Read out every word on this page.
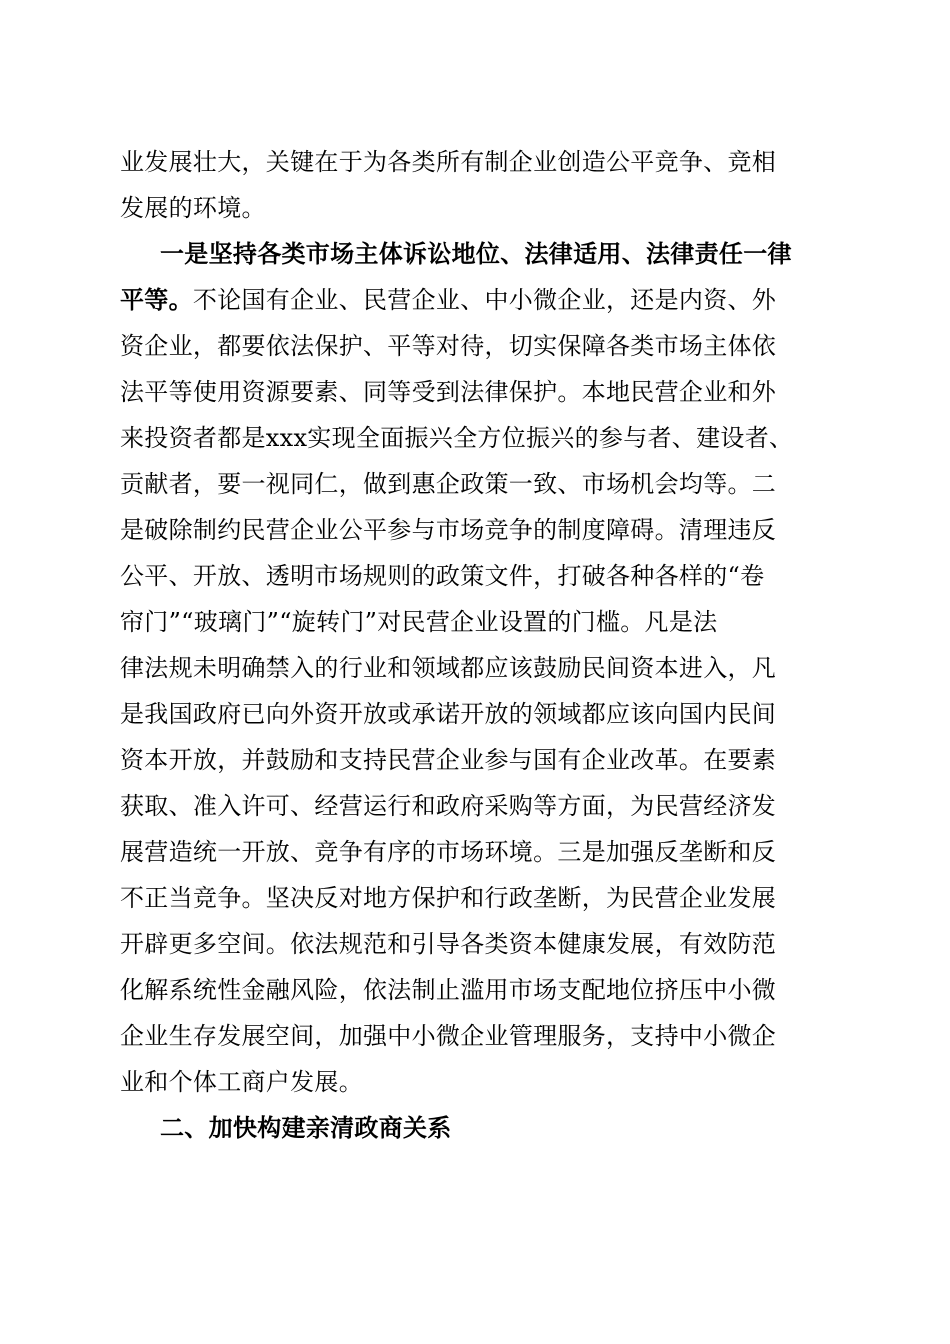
业发展壮大，关键在于为各类所有制企业创造公平竞争、竞相
发展的环境。
一是坚持各类市场主体诉讼地位、法律适用、法律责任一律
平等。不论国有企业、民营企业、中小微企业，还是内资、外
资企业，都要依法保护、平等对待，切实保障各类市场主体依
法平等使用资源要素、同等受到法律保护。本地民营企业和外
来投资者都是xxx实现全面振兴全方位振兴的参与者、建设者、
贡献者，要一视同仁，做到惠企政策一致、市场机会均等。二
是破除制约民营企业公平参与市场竞争的制度障碍。清理违反
公平、开放、透明市场规则的政策文件，打破各种各样的“卷
帘门”“玻璃门”“旋转门”对民营企业设置的门槛。凡是法
律法规未明确禁入的行业和领域都应该鼓励民间资本进入，凡
是我国政府已向外资开放或承诺开放的领域都应该向国内民间
资本开放，并鼓励和支持民营企业参与国有企业改革。在要素
获取、准入许可、经营运行和政府采购等方面，为民营经济发
展营造统一开放、竞争有序的市场环境。三是加强反垄断和反
不正当竞争。坚决反对地方保护和行政垄断，为民营企业发展
开辟更多空间。依法规范和引导各类资本健康发展，有效防范
化解系统性金融风险，依法制止滥用市场支配地位挤压中小微
企业生存发展空间，加强中小微企业管理服务，支持中小微企
业和个体工商户发展。
二、加快构建亲清政商关系
